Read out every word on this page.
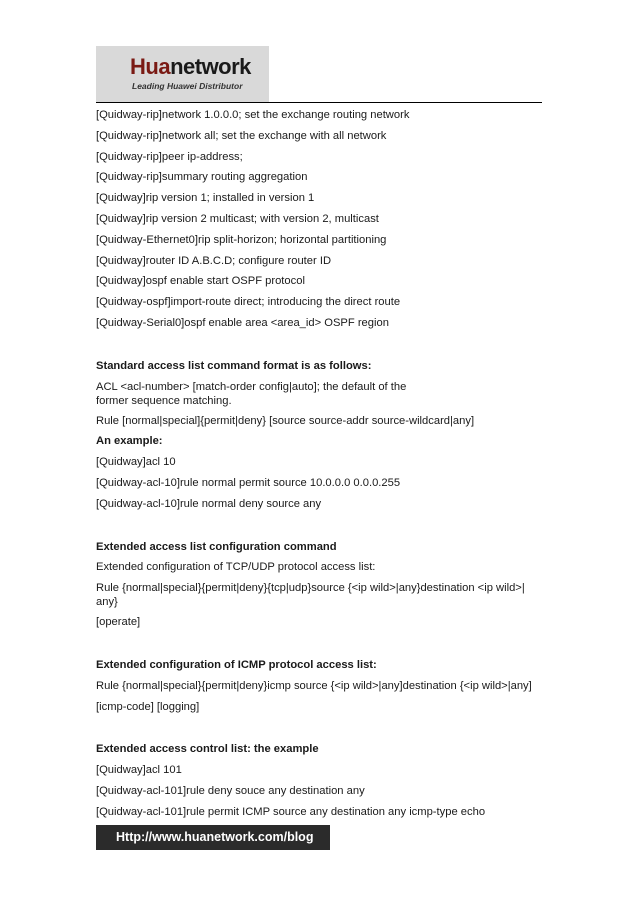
Huanetwork
Leading Huawei Distributor
[Quidway-rip]network 1.0.0.0; set the exchange routing network
[Quidway-rip]network all; set the exchange with all network
[Quidway-rip]peer ip-address;
[Quidway-rip]summary routing aggregation
[Quidway]rip version 1; installed in version 1
[Quidway]rip version 2 multicast; with version 2, multicast
[Quidway-Ethernet0]rip split-horizon; horizontal partitioning
[Quidway]router ID A.B.C.D; configure router ID
[Quidway]ospf enable start OSPF protocol
[Quidway-ospf]import-route direct; introducing the direct route
[Quidway-Serial0]ospf enable area <area_id> OSPF region
Standard access list command format is as follows:
ACL <acl-number> [match-order config|auto]; the default of the former sequence matching.
Rule [normal|special]{permit|deny} [source source-addr source-wildcard|any]
An example:
[Quidway]acl 10
[Quidway-acl-10]rule normal permit source 10.0.0.0 0.0.0.255
[Quidway-acl-10]rule normal deny source any
Extended access list configuration command
Extended configuration of TCP/UDP protocol access list:
Rule {normal|special}{permit|deny}{tcp|udp}source {<ip wild>|any}destination <ip wild>| any}
[operate]
Extended configuration of ICMP protocol access list:
Rule {normal|special}{permit|deny}icmp source {<ip wild>|any]destination {<ip wild>|any]
[icmp-code] [logging]
Extended access control list: the example
[Quidway]acl 101
[Quidway-acl-101]rule deny souce any destination any
[Quidway-acl-101]rule permit ICMP source any destination any icmp-type echo
Http://www.huanetwork.com/blog
